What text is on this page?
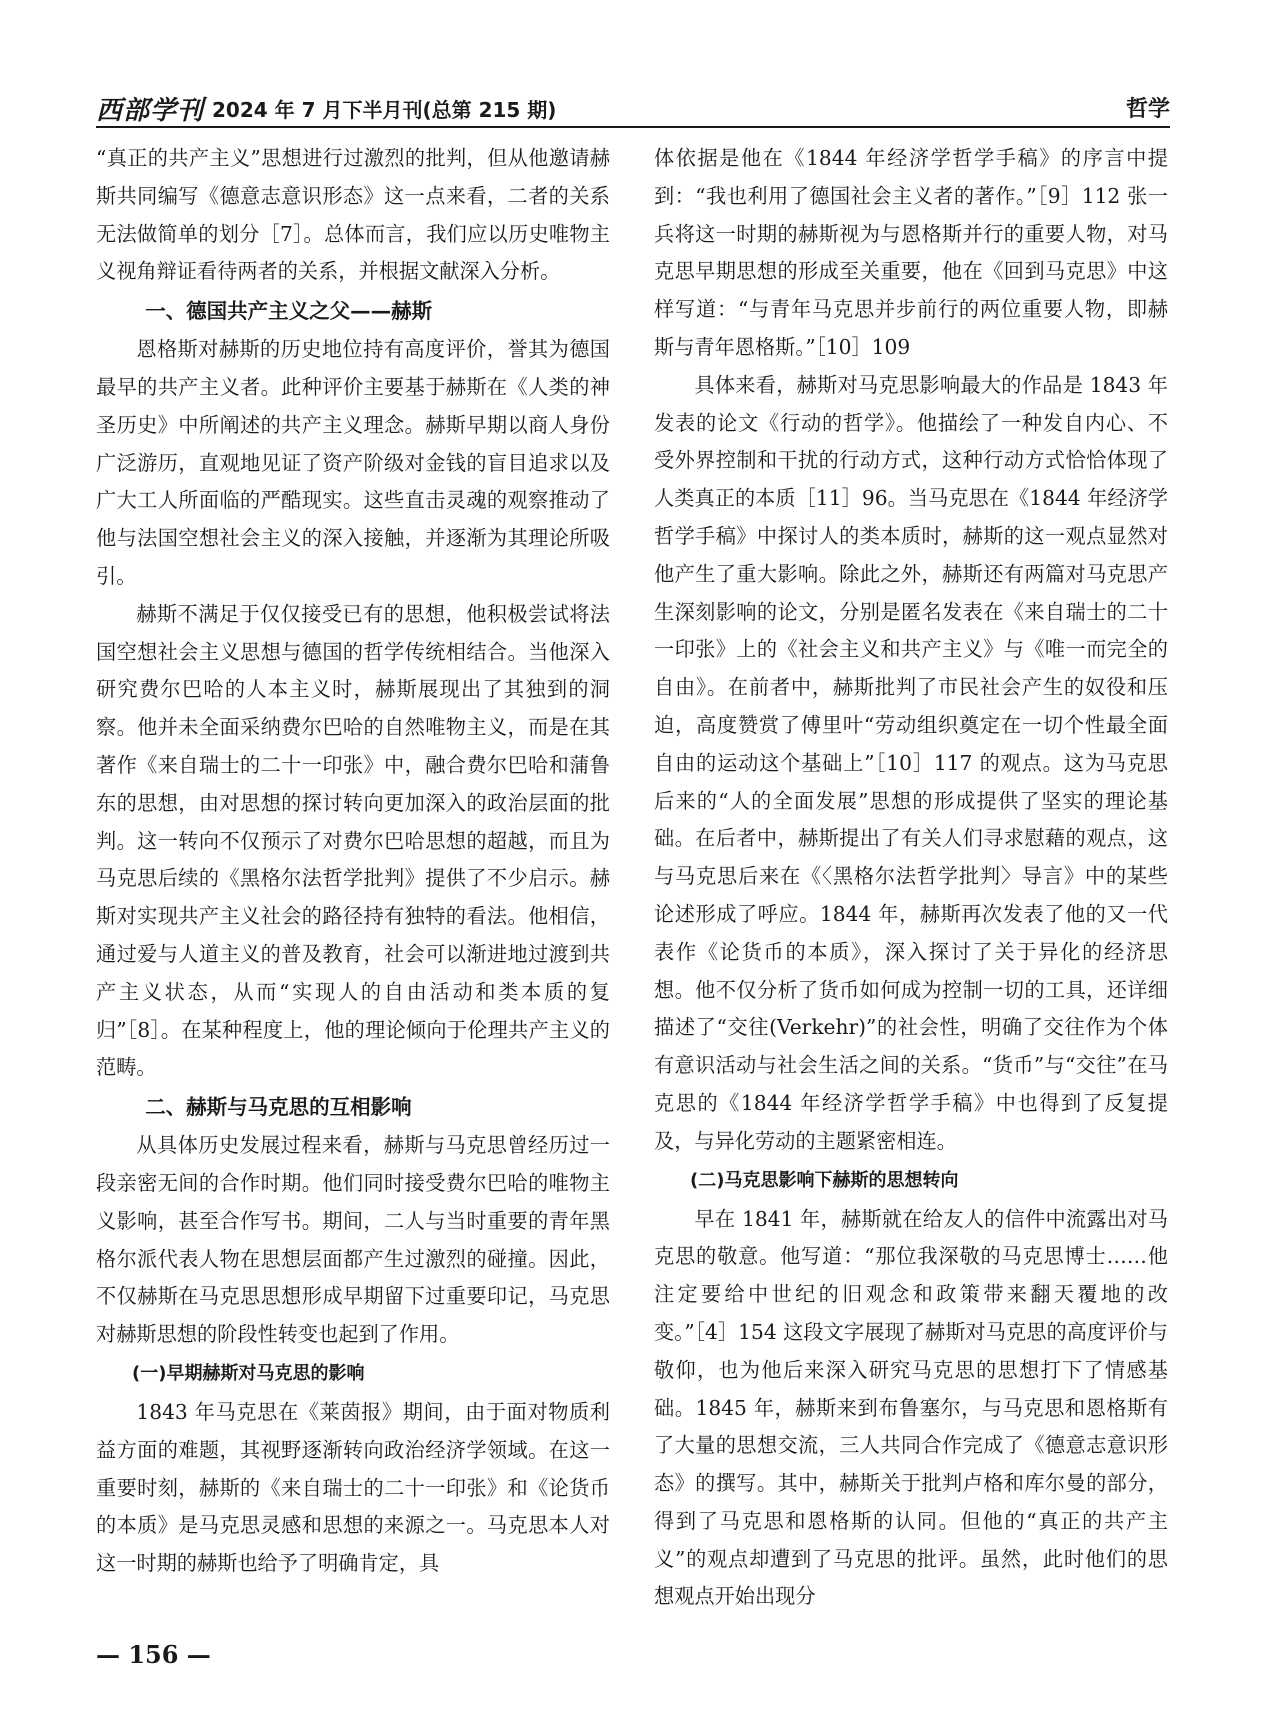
西部学刊 2024 年 7 月下半月刊(总第 215 期)	哲学

“真正的共产主义”思想进行过激烈的批判，但从他邀请赫斯共同编写《德意志意识形态》这一点来看，二者的关系无法做简单的划分［7］。总体而言，我们应以历史唯物主义视角辩证看待两者的关系，并根据文献深入分析。

一、德国共产主义之父——赫斯

恩格斯对赫斯的历史地位持有高度评价，誉其为德国最早的共产主义者。此种评价主要基于赫斯在《人类的神圣历史》中所阐述的共产主义理念。赫斯早期以商人身份广泛游历，直观地见证了资产阶级对金钱的盲目追求以及广大工人所面临的严酷现实。这些直击灵魂的观察推动了他与法国空想社会主义的深入接触，并逐渐为其理论所吸引。

赫斯不满足于仅仅接受已有的思想，他积极尝试将法国空想社会主义思想与德国的哲学传统相结合。当他深入研究费尔巴哈的人本主义时，赫斯展现出了其独到的洞察。他并未全面采纳费尔巴哈的自然唯物主义，而是在其著作《来自瑞士的二十一印张》中，融合费尔巴哈和蒲鲁东的思想，由对思想的探讨转向更加深入的政治层面的批判。这一转向不仅预示了对费尔巴哈思想的超越，而且为马克思后续的《黑格尔法哲学批判》提供了不少启示。赫斯对实现共产主义社会的路径持有独特的看法。他相信，通过爱与人道主义的普及教育，社会可以渐进地过渡到共产主义状态，从而“实现人的自由活动和类本质的复归”［8］。在某种程度上，他的理论倾向于伦理共产主义的范畴。

二、赫斯与马克思的互相影响

从具体历史发展过程来看，赫斯与马克思曾经历过一段亲密无间的合作时期。他们同时接受费尔巴哈的唯物主义影响，甚至合作写书。期间，二人与当时重要的青年黑格尔派代表人物在思想层面都产生过激烈的碰撞。因此，不仅赫斯在马克思思想形成早期留下过重要印记，马克思对赫斯思想的阶段性转变也起到了作用。

(一)早期赫斯对马克思的影响

1843 年马克思在《莱茵报》期间，由于面对物质利益方面的难题，其视野逐渐转向政治经济学领域。在这一重要时刻，赫斯的《来自瑞士的二十一印张》和《论货币的本质》是马克思灵感和思想的来源之一。马克思本人对这一时期的赫斯也给予了明确肯定，具

体依据是他在《1844 年经济学哲学手稿》的序言中提到：“我也利用了德国社会主义者的著作。”［9］112 张一兵将这一时期的赫斯视为与恩格斯并行的重要人物，对马克思早期思想的形成至关重要，他在《回到马克思》中这样写道：“与青年马克思并步前行的两位重要人物，即赫斯与青年恩格斯。”［10］109

具体来看，赫斯对马克思影响最大的作品是 1843 年发表的论文《行动的哲学》。他描绘了一种发自内心、不受外界控制和干扰的行动方式，这种行动方式恰恰体现了人类真正的本质［11］96。当马克思在《1844 年经济学哲学手稿》中探讨人的类本质时，赫斯的这一观点显然对他产生了重大影响。除此之外，赫斯还有两篇对马克思产生深刻影响的论文，分别是匿名发表在《来自瑞士的二十一印张》上的《社会主义和共产主义》与《唯一而完全的自由》。在前者中，赫斯批判了市民社会产生的奴役和压迫，高度赞赏了傅里叶“劳动组织奠定在一切个性最全面自由的运动这个基础上”［10］117 的观点。这为马克思后来的“人的全面发展”思想的形成提供了坚实的理论基础。在后者中，赫斯提出了有关人们寻求慰藉的观点，这与马克思后来在《〈黑格尔法哲学批判〉导言》中的某些论述形成了呼应。1844 年，赫斯再次发表了他的又一代表作《论货币的本质》，深入探讨了关于异化的经济思想。他不仅分析了货币如何成为控制一切的工具，还详细描述了“交往(Verkehr)”的社会性，明确了交往作为个体有意识活动与社会生活之间的关系。“货币”与“交往”在马克思的《1844 年经济学哲学手稿》中也得到了反复提及，与异化劳动的主题紧密相连。

(二)马克思影响下赫斯的思想转向

早在 1841 年，赫斯就在给友人的信件中流露出对马克思的敬意。他写道：“那位我深敬的马克思博士……他注定要给中世纪的旧观念和政策带来翻天覆地的改变。”［4］154 这段文字展现了赫斯对马克思的高度评价与敬仰，也为他后来深入研究马克思的思想打下了情感基础。1845 年，赫斯来到布鲁塞尔，与马克思和恩格斯有了大量的思想交流，三人共同合作完成了《德意志意识形态》的撰写。其中，赫斯关于批判卢格和库尔曼的部分，得到了马克思和恩格斯的认同。但他的“真正的共产主义”的观点却遭到了马克思的批评。虽然，此时他们的思想观点开始出现分

— 156 —
